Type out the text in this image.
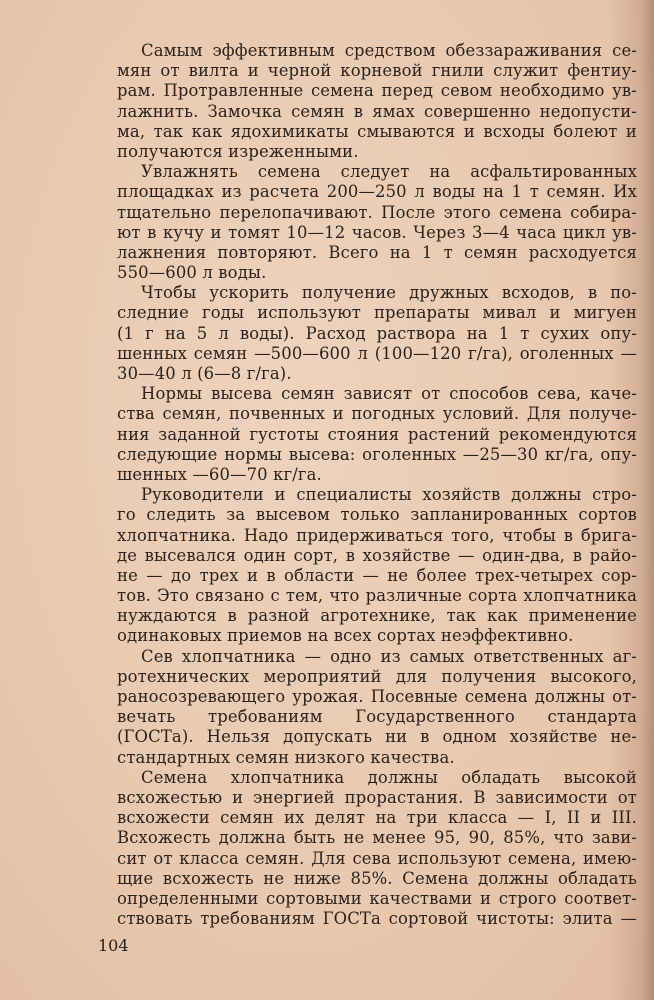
Самым эффективным средством обеззараживания се-
мян от вилта и черной корневой гнили служит фентиу-
рам. Протравленные семена перед севом необходимо ув-
лажнить. Замочка семян в ямах совершенно недопусти-
ма, так как ядохимикаты смываются и всходы болеют и
получаются изреженными.
Увлажнять семена следует на асфальтированных
площадках из расчета 200—250 л воды на 1 т семян. Их
тщательно перелопачивают. После этого семена собира-
ют в кучу и томят 10—12 часов. Через 3—4 часа цикл ув-
лажнения повторяют. Всего на 1 т семян расходуется
550—600 л воды.
Чтобы ускорить получение дружных всходов, в по-
следние годы используют препараты мивал и мигуен
(1 г на 5 л воды). Расход раствора на 1 т сухих опу-
шенных семян —500—600 л (100—120 г/га), оголенных —
30—40 л (6—8 г/га).
Нормы высева семян зависят от способов сева, каче-
ства семян, почвенных и погодных условий. Для получе-
ния заданной густоты стояния растений рекомендуются
следующие нормы высева: оголенных —25—30 кг/га, опу-
шенных —60—70 кг/га.
Руководители и специалисты хозяйств должны стро-
го следить за высевом только запланированных сортов
хлопчатника. Надо придерживаться того, чтобы в брига-
де высевался один сорт, в хозяйстве — один-два, в райо-
не — до трех и в области — не более трех-четырех сор-
тов. Это связано с тем, что различные сорта хлопчатника
нуждаются в разной агротехнике, так как применение
одинаковых приемов на всех сортах неэффективно.
Сев хлопчатника — одно из самых ответственных аг-
ротехнических мероприятий для получения высокого,
раносозревающего урожая. Посевные семена должны от-
вечать требованиям Государственного стандарта
(ГОСТа). Нельзя допускать ни в одном хозяйстве не-
стандартных семян низкого качества.
Семена хлопчатника должны обладать высокой
всхожестью и энергией прорастания. В зависимости от
всхожести семян их делят на три класса — I, II и III.
Всхожесть должна быть не менее 95, 90, 85%, что зави-
сит от класса семян. Для сева используют семена, имею-
щие всхожесть не ниже 85%. Семена должны обладать
определенными сортовыми качествами и строго соответ-
ствовать требованиям ГОСТа сортовой чистоты: элита —
104
